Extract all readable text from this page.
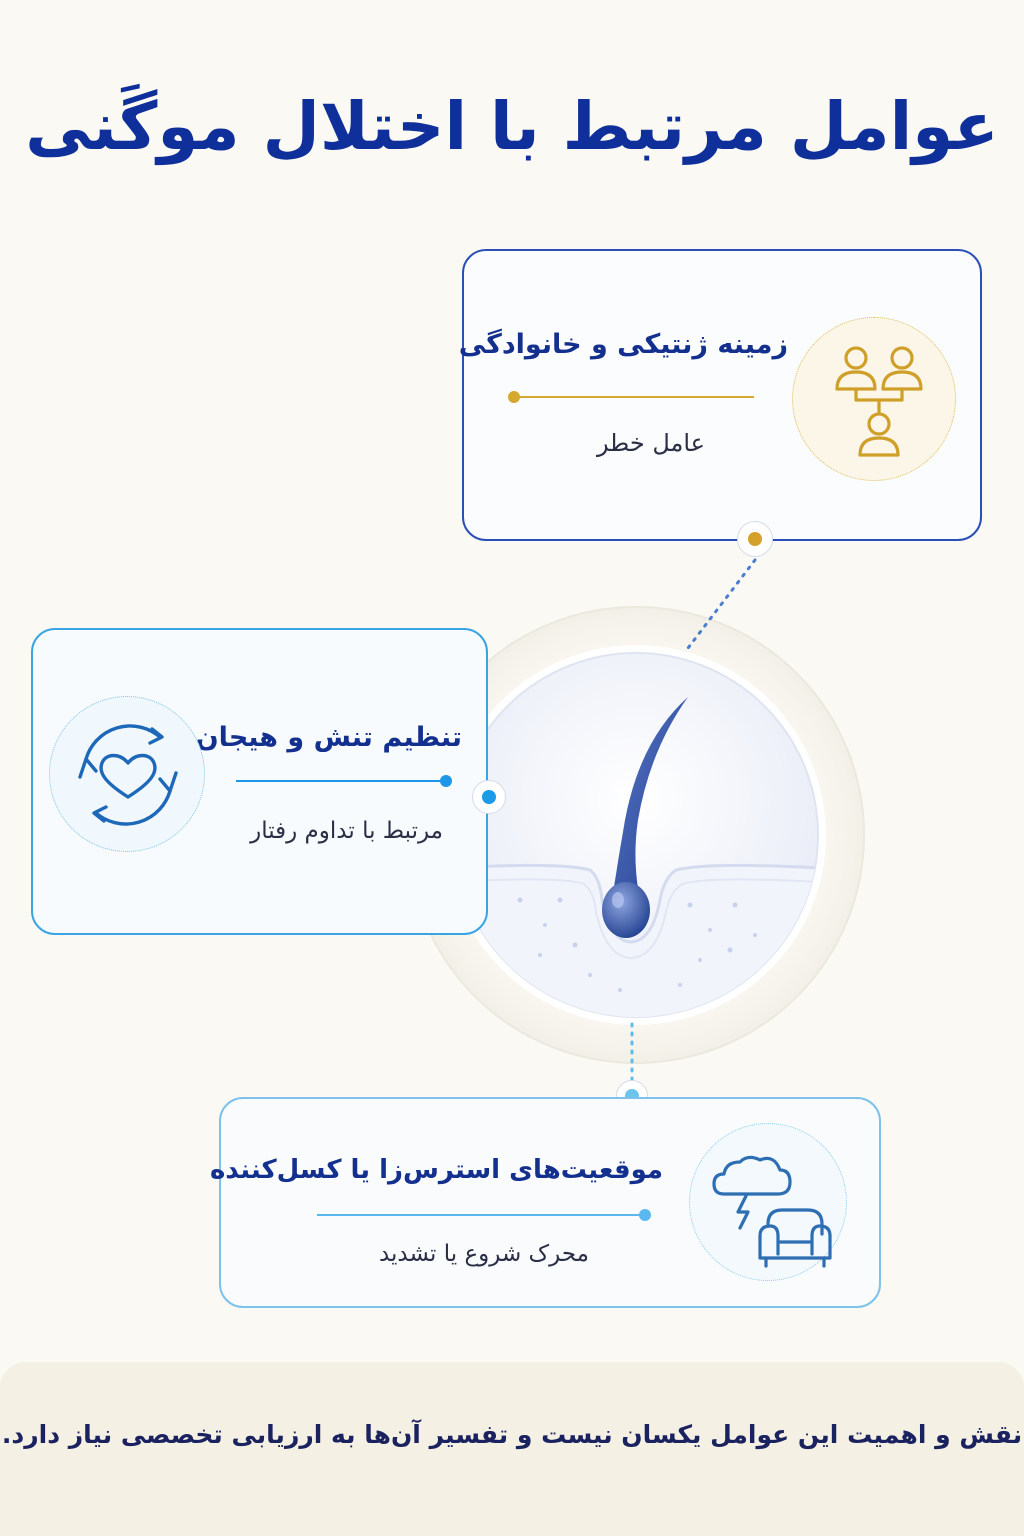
عوامل مرتبط با اختلال موگَنی
زمینه ژنتیکی و خانوادگی
عامل خطر
تنظیم تنش و هیجان
مرتبط با تداوم رفتار
موقعیت‌های استرس‌زا یا کسل‌کننده
محرک شروع یا تشدید
نقش و اهمیت این عوامل یکسان نیست و تفسیر آن‌ها به ارزیابی تخصصی نیاز دارد.
